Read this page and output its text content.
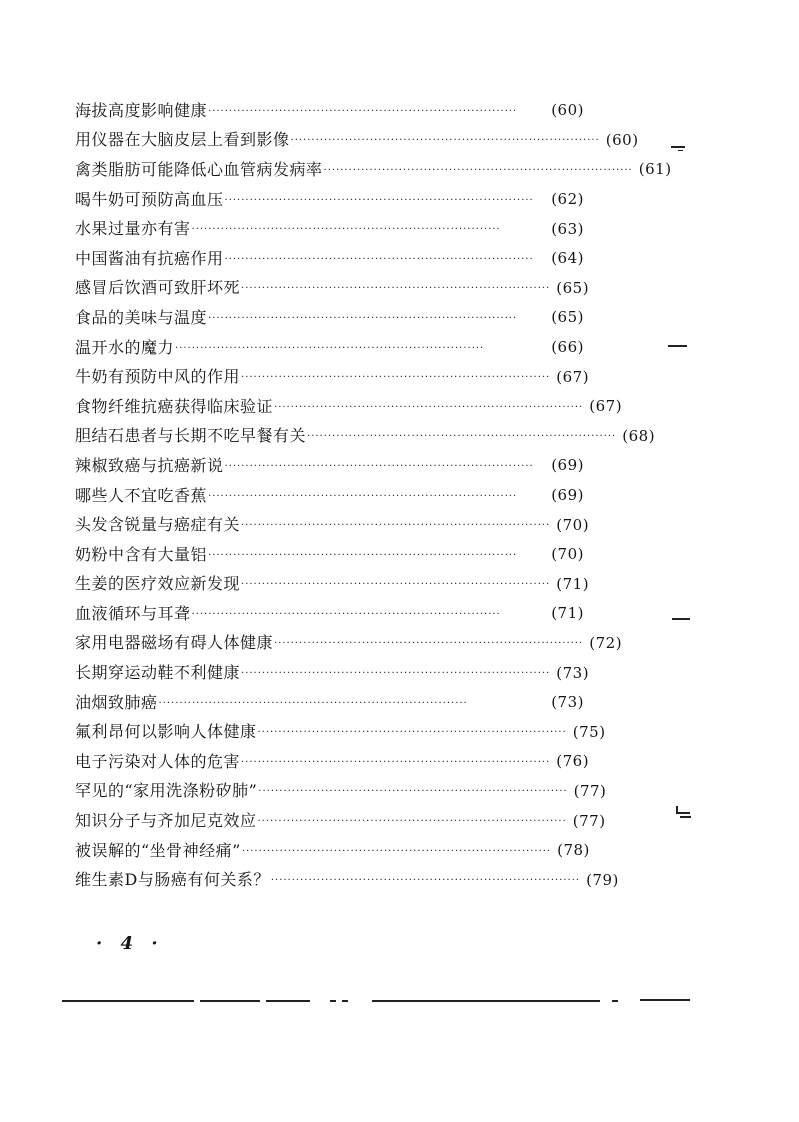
海拔高度影响健康 ··········································································	(60)
用仪器在大脑皮层上看到影像 ·········································································· (60)
禽类脂肪可能降低心血管病发病率 ·········································································· (61)
喝牛奶可预防高血压 ··········································································	(62)
水果过量亦有害 ··········································································	(63)
中国酱油有抗癌作用 ··········································································	(64)
感冒后饮酒可致肝坏死 ·········································································· (65)
食品的美味与温度 ··········································································	(65)
温开水的魔力 ··········································································	(66)
牛奶有预防中风的作用 ·········································································· (67)
食物纤维抗癌获得临床验证 ·········································································· (67)
胆结石患者与长期不吃早餐有关 ·········································································· (68)
辣椒致癌与抗癌新说 ··········································································	(69)
哪些人不宜吃香蕉 ··········································································	(69)
头发含锐量与癌症有关 ·········································································· (70)
奶粉中含有大量铝 ··········································································	(70)
生姜的医疗效应新发现 ·········································································· (71)
血液循环与耳聋 ··········································································	(71)
家用电器磁场有碍人体健康 ·········································································· (72)
长期穿运动鞋不利健康 ·········································································· (73)
油烟致肺癌 ··········································································	(73)
氟利昂何以影响人体健康 ·········································································· (75)
电子污染对人体的危害 ·········································································· (76)
罕见的“家用洗涤粉矽肺” ·········································································· (77)
知识分子与齐加尼克效应 ·········································································· (77)
被误解的“坐骨神经痛” ·········································································· (78)
维生素D与肠癌有何关系？ ·········································································· (79)
· 4 ·
